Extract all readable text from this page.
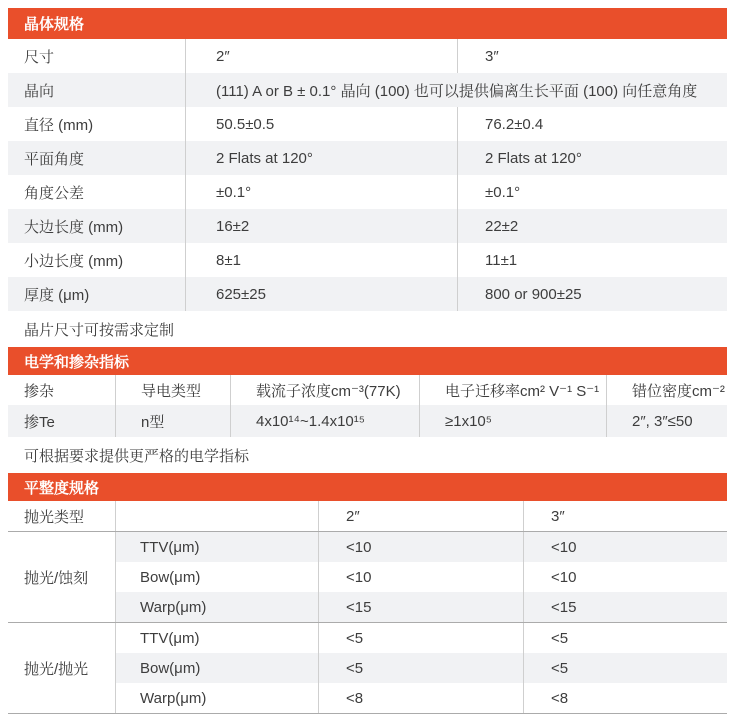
晶体规格
尺寸	2″	3″
晶向	(111) A or B ± 0.1° 晶向 (100) 也可以提供偏离生长平面 (100) 向任意角度
直径 (mm)	50.5±0.5	76.2±0.4
平面角度	2 Flats at 120°	2 Flats at 120°
角度公差	±0.1°	±0.1°
大边长度 (mm)	16±2	22±2
小边长度 (mm)	8±1	11±1
厚度 (μm)	625±25	800 or 900±25
晶片尺寸可按需求定制
电学和掺杂指标
掺杂	导电类型	载流子浓度cm⁻³(77K)	电子迁移率cm² V⁻¹ S⁻¹	错位密度cm⁻²
掺Te	n型	4x10¹⁴~1.4x10¹⁵	≥1x10⁵	2″, 3″≤50
可根据要求提供更严格的电学指标
平整度规格
抛光类型	2″	3″
抛光/蚀刻
TTV(μm)	<10	<10
Bow(μm)	<10	<10
Warp(μm)	<15	<15
抛光/抛光
TTV(μm)	<5	<5
Bow(μm)	<5	<5
Warp(μm)	<8	<8
